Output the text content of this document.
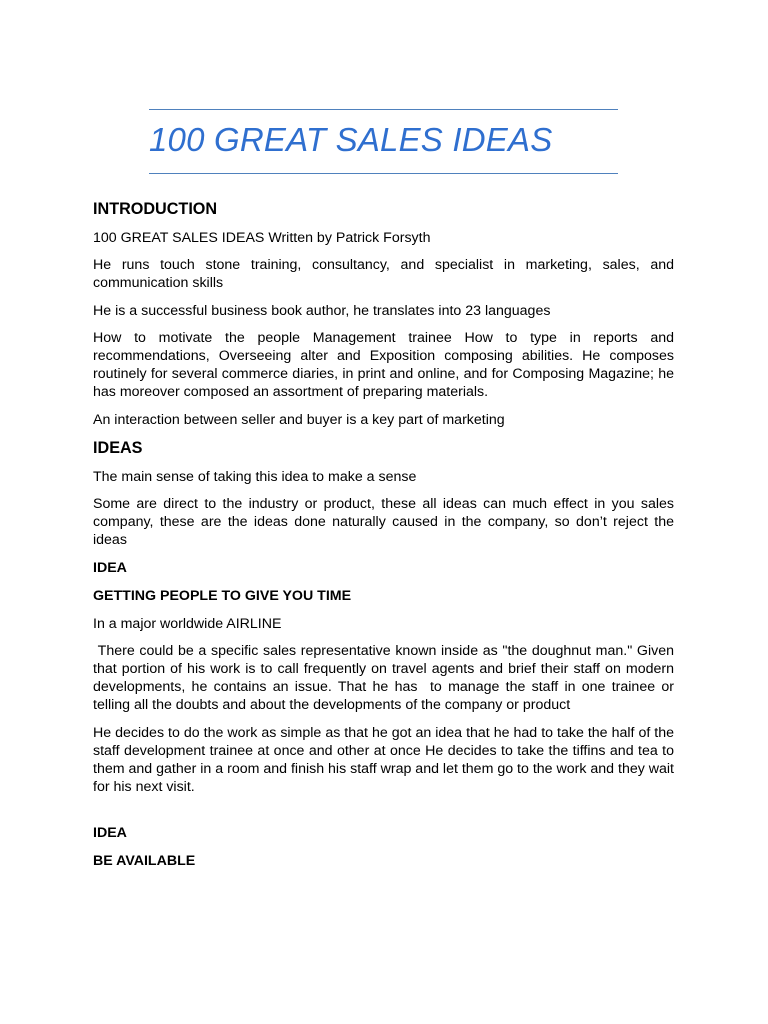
100 GREAT SALES IDEAS
INTRODUCTION

100 GREAT SALES IDEAS Written by Patrick Forsyth

He runs touch stone training, consultancy, and specialist in marketing, sales, and communication skills

He is a successful business book author, he translates into 23 languages

How to motivate the people Management trainee How to type in reports and recommendations, Overseeing alter and Exposition composing abilities. He composes routinely for several commerce diaries, in print and online, and for Composing Magazine; he has moreover composed an assortment of preparing materials.

An interaction between seller and buyer is a key part of marketing

IDEAS

The main sense of taking this idea to make a sense

Some are direct to the industry or product, these all ideas can much effect in you sales company, these are the ideas done naturally caused in the company, so don’t reject the ideas

IDEA
GETTING PEOPLE TO GIVE YOU TIME

In a major worldwide AIRLINE

There could be a specific sales representative known inside as "the doughnut man." Given that portion of his work is to call frequently on travel agents and brief their staff on modern developments, he contains an issue. That he has  to manage the staff in one trainee or telling all the doubts and about the developments of the company or product

He decides to do the work as simple as that he got an idea that he had to take the half of the staff development trainee at once and other at once He decides to take the tiffins and tea to them and gather in a room and finish his staff wrap and let them go to the work and they wait for his next visit.

IDEA
BE AVAILABLE
